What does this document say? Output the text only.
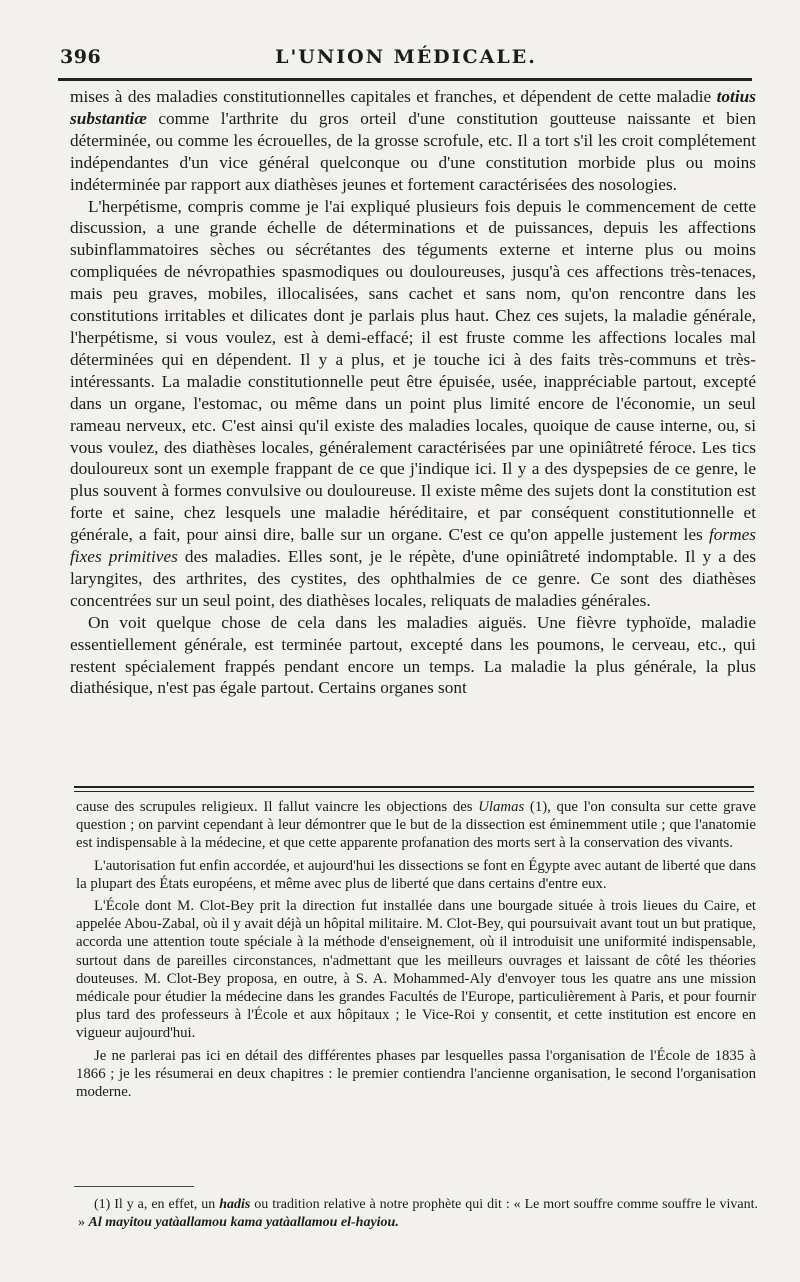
396	L'UNION MÉDICALE.

mises à des maladies constitutionnelles capitales et franches, et dépendent de cette maladie totius substantiæ comme l'arthrite du gros orteil d'une constitution goutteuse naissante et bien déterminée, ou comme les écrouelles, de la grosse scrofule, etc. Il a tort s'il les croit complétement indépendantes d'un vice général quelconque ou d'une constitution morbide plus ou moins indéterminée par rapport aux diathèses jeunes et fortement caractérisées des nosologies.

L'herpétisme, compris comme je l'ai expliqué plusieurs fois depuis le commencement de cette discussion, a une grande échelle de déterminations et de puissances, depuis les affections subinflammatoires sèches ou sécrétantes des téguments externe et interne plus ou moins compliquées de névropathies spasmodiques ou douloureuses, jusqu'à ces affections très-tenaces, mais peu graves, mobiles, illocalisées, sans cachet et sans nom, qu'on rencontre dans les constitutions irritables et dilicates dont je parlais plus haut. Chez ces sujets, la maladie générale, l'herpétisme, si vous voulez, est à demi-effacé; il est fruste comme les affections locales mal déterminées qui en dépendent. Il y a plus, et je touche ici à des faits très-communs et très-intéressants. La maladie constitutionnelle peut être épuisée, usée, inappréciable partout, excepté dans un organe, l'estomac, ou même dans un point plus limité encore de l'économie, un seul rameau nerveux, etc. C'est ainsi qu'il existe des maladies locales, quoique de cause interne, ou, si vous voulez, des diathèses locales, généralement caractérisées par une opiniâtreté féroce. Les tics douloureux sont un exemple frappant de ce que j'indique ici. Il y a des dyspepsies de ce genre, le plus souvent à formes convulsive ou douloureuse. Il existe même des sujets dont la constitution est forte et saine, chez lesquels une maladie héréditaire, et par conséquent constitutionnelle et générale, a fait, pour ainsi dire, balle sur un organe. C'est ce qu'on appelle justement les formes fixes primitives des maladies. Elles sont, je le répète, d'une opiniâtreté indomptable. Il y a des laryngites, des arthrites, des cystites, des ophthalmies de ce genre. Ce sont des diathèses concentrées sur un seul point, des diathèses locales, reliquats de maladies générales.

On voit quelque chose de cela dans les maladies aiguës. Une fièvre typhoïde, maladie essentiellement générale, est terminée partout, excepté dans les poumons, le cerveau, etc., qui restent spécialement frappés pendant encore un temps. La maladie la plus générale, la plus diathésique, n'est pas égale partout. Certains organes sont

cause des scrupules religieux. Il fallut vaincre les objections des Ulamas (1), que l'on consulta sur cette grave question ; on parvint cependant à leur démontrer que le but de la dissection est éminemment utile ; que l'anatomie est indispensable à la médecine, et que cette apparente profanation des morts sert à la conservation des vivants.

L'autorisation fut enfin accordée, et aujourd'hui les dissections se font en Égypte avec autant de liberté que dans la plupart des États européens, et même avec plus de liberté que dans certains d'entre eux.

L'École dont M. Clot-Bey prit la direction fut installée dans une bourgade située à trois lieues du Caire, et appelée Abou-Zabal, où il y avait déjà un hôpital militaire. M. Clot-Bey, qui poursuivait avant tout un but pratique, accorda une attention toute spéciale à la méthode d'enseignement, où il introduisit une uniformité indispensable, surtout dans de pareilles circonstances, n'admettant que les meilleurs ouvrages et laissant de côté les théories douteuses. M. Clot-Bey proposa, en outre, à S. A. Mohammed-Aly d'envoyer tous les quatre ans une mission médicale pour étudier la médecine dans les grandes Facultés de l'Europe, particulièrement à Paris, et pour fournir plus tard des professeurs à l'École et aux hôpitaux ; le Vice-Roi y consentit, et cette institution est encore en vigueur aujourd'hui.

Je ne parlerai pas ici en détail des différentes phases par lesquelles passa l'organisation de l'École de 1835 à 1866 ; je les résumerai en deux chapitres : le premier contiendra l'ancienne organisation, le second l'organisation moderne.

(1) Il y a, en effet, un hadis ou tradition relative à notre prophète qui dit : « Le mort souffre comme souffre le vivant. » Al mayitou yatàallamou kama yatàallamou el-hayiou.
